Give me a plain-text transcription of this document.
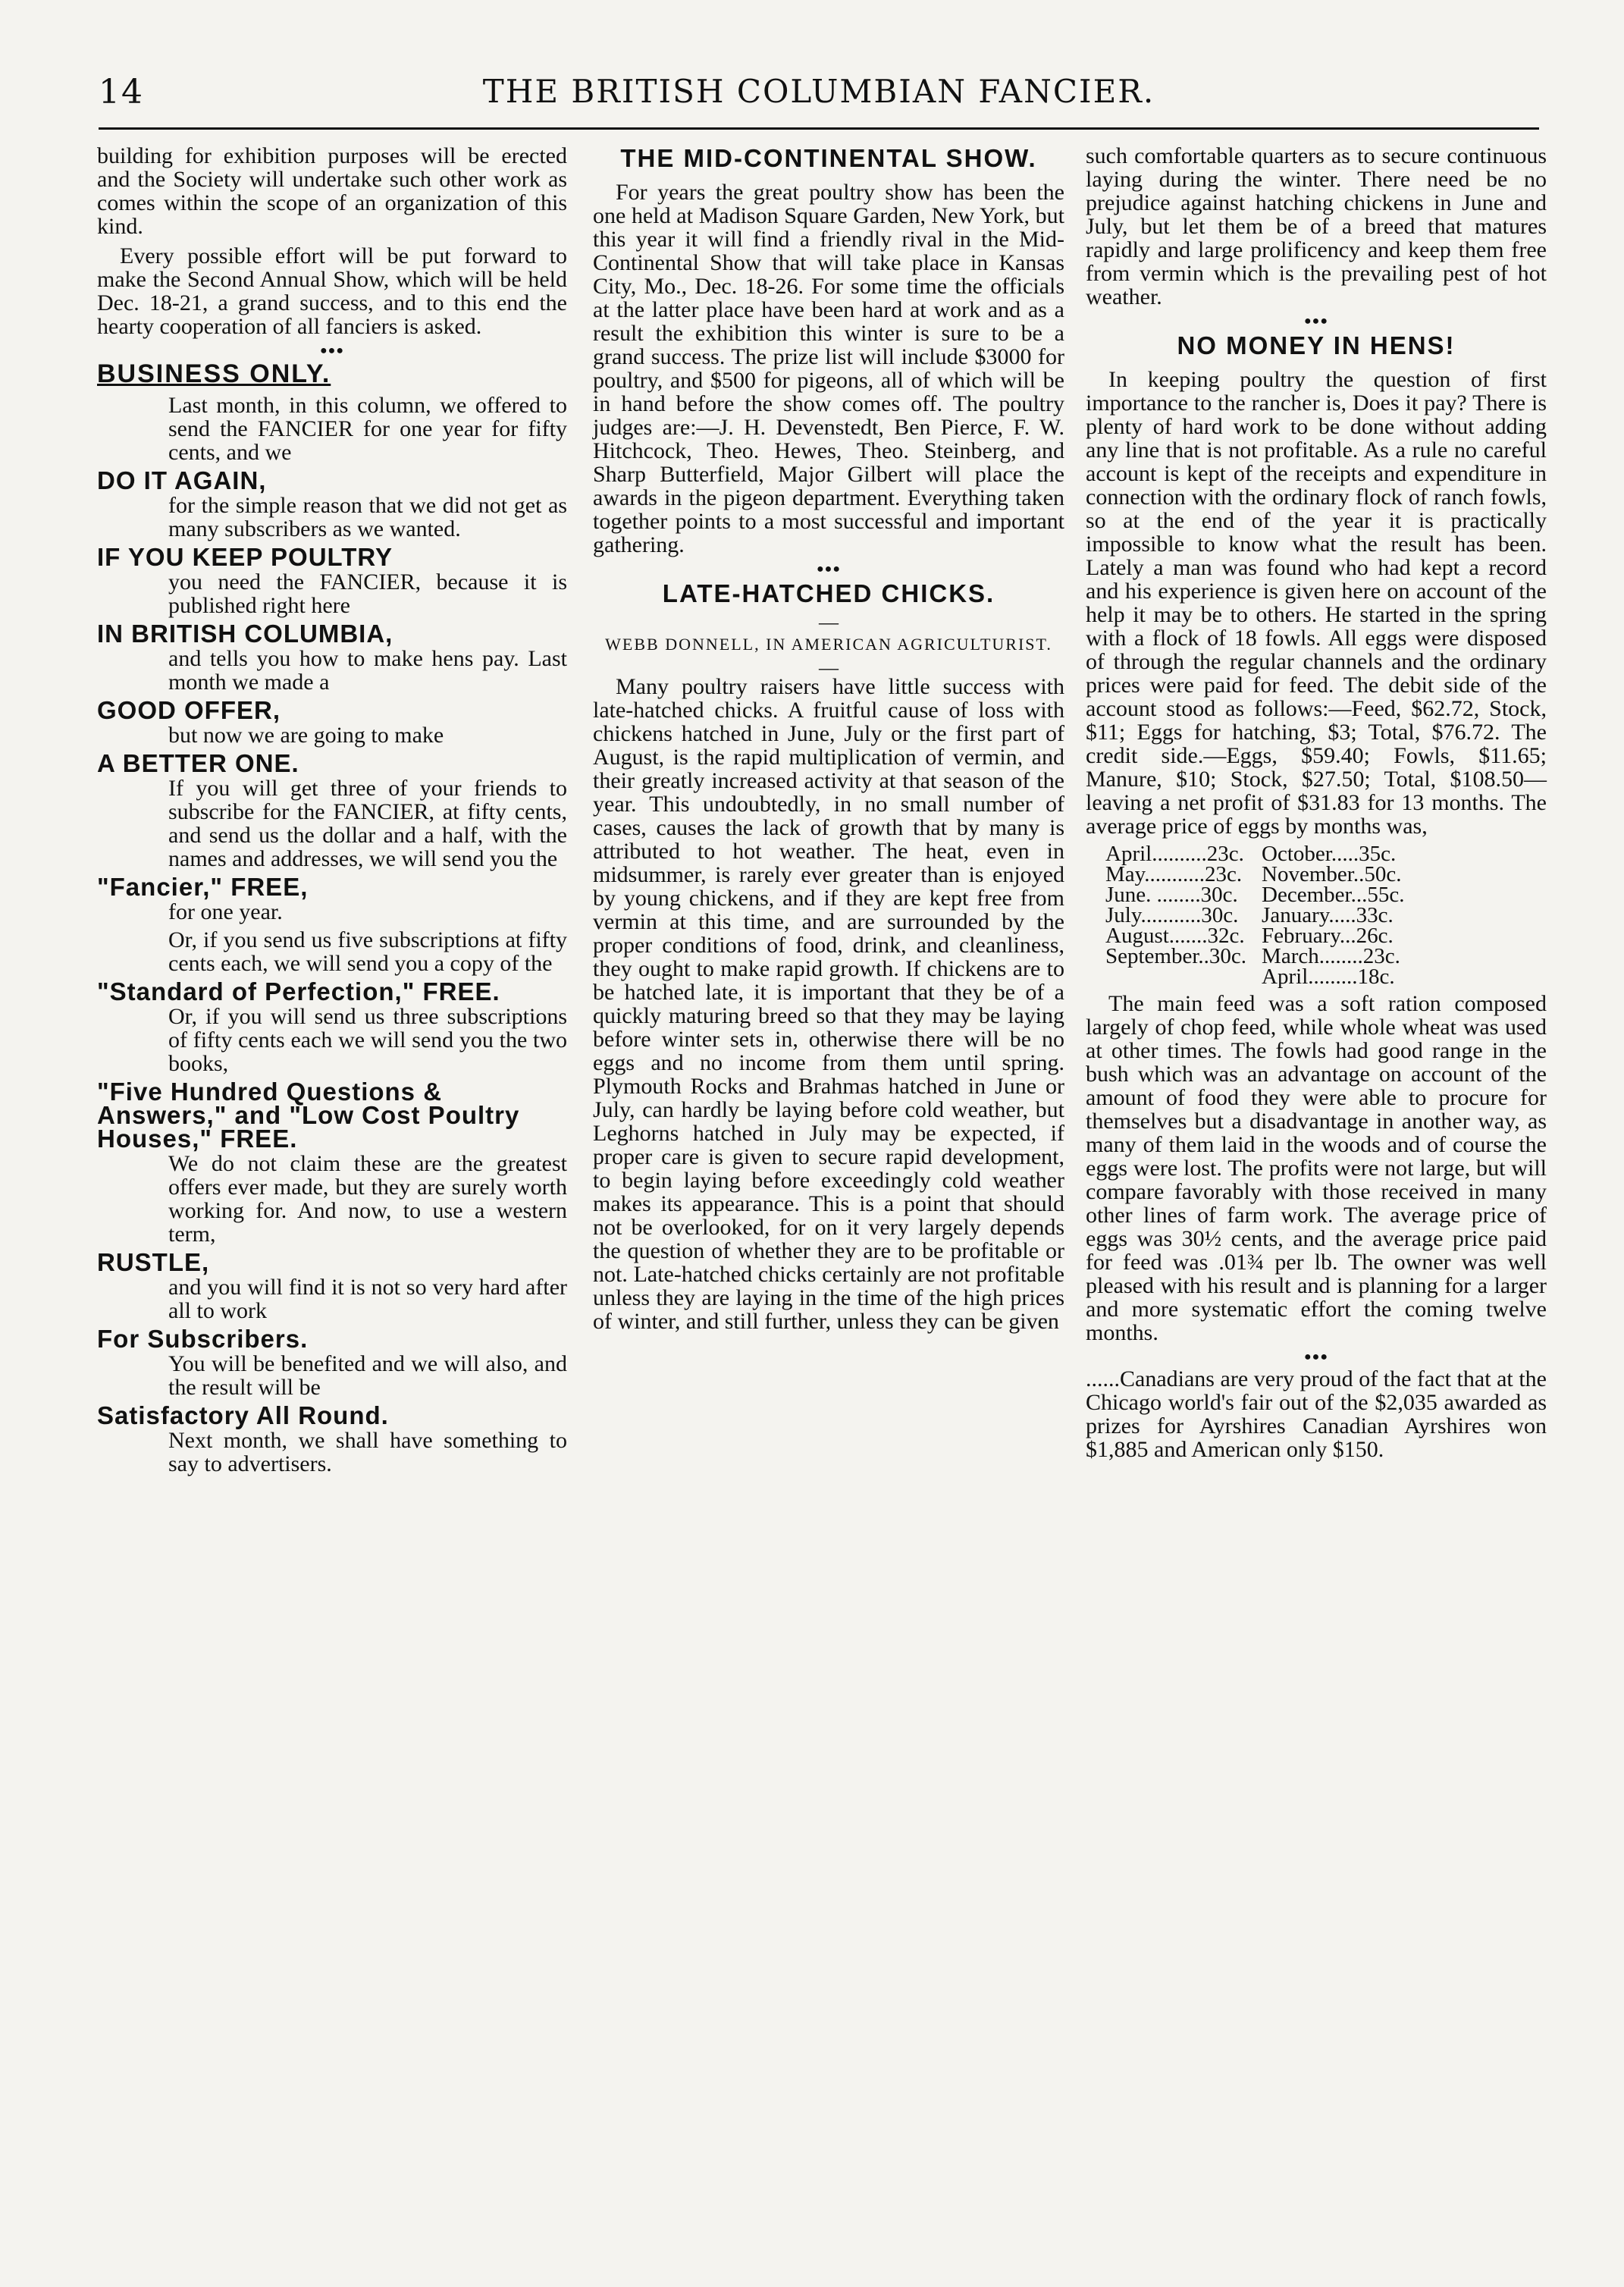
14	THE BRITISH COLUMBIAN FANCIER.

building for exhibition purposes will be erected and the Society will undertake such other work as comes within the scope of an organization of this kind.

Every possible effort will be put forward to make the Second Annual Show, which will be held Dec. 18-21, a grand success, and to this end the hearty cooperation of all fanciers is asked.

●●●
BUSINESS ONLY.

Last month, in this column, we offered to send the FANCIER for one year for fifty cents, and we

DO IT AGAIN,

for the simple reason that we did not get as many subscribers as we wanted.

IF YOU KEEP POULTRY

you need the FANCIER, because it is published right here

IN BRITISH COLUMBIA,

and tells you how to make hens pay. Last month we made a

GOOD OFFER,

but now we are going to make

A BETTER ONE.

If you will get three of your friends to subscribe for the FANCIER, at fifty cents, and send us the dollar and a half, with the names and addresses, we will send you the

"Fancier," FREE,

for one year.

Or, if you send us five subscriptions at fifty cents each, we will send you a copy of the

"Standard of Perfection," FREE.

Or, if you will send us three subscriptions of fifty cents each we will send you the two books,

"Five Hundred Questions & Answers," and "Low Cost Poultry Houses," FREE.

We do not claim these are the greatest offers ever made, but they are surely worth working for. And now, to use a western term,

RUSTLE,

and you will find it is not so very hard after all to work

For Subscribers.

You will be benefited and we will also, and the result will be

Satisfactory All Round.

Next month, we shall have something to say to advertisers.

THE MID-CONTINENTAL SHOW.

For years the great poultry show has been the one held at Madison Square Garden, New York, but this year it will find a friendly rival in the Mid-Continental Show that will take place in Kansas City, Mo., Dec. 18-26. For some time the officials at the latter place have been hard at work and as a result the exhibition this winter is sure to be a grand success. The prize list will include $3000 for poultry, and $500 for pigeons, all of which will be in hand before the show comes off. The poultry judges are:—J. H. Devenstedt, Ben Pierce, F. W. Hitchcock, Theo. Hewes, Theo. Steinberg, and Sharp Butterfield, Major Gilbert will place the awards in the pigeon department. Everything taken together points to a most successful and important gathering.

●●●
LATE-HATCHED CHICKS.
—
WEBB DONNELL, IN AMERICAN AGRICULTURIST.
—

Many poultry raisers have little success with late-hatched chicks. A fruitful cause of loss with chickens hatched in June, July or the first part of August, is the rapid multiplication of vermin, and their greatly increased activity at that season of the year. This undoubtedly, in no small number of cases, causes the lack of growth that by many is attributed to hot weather. The heat, even in midsummer, is rarely ever greater than is enjoyed by young chickens, and if they are kept free from vermin at this time, and are surrounded by the proper conditions of food, drink, and cleanliness, they ought to make rapid growth. If chickens are to be hatched late, it is important that they be of a quickly maturing breed so that they may be laying before winter sets in, otherwise there will be no eggs and no income from them until spring. Plymouth Rocks and Brahmas hatched in June or July, can hardly be laying before cold weather, but Leghorns hatched in July may be expected, if proper care is given to secure rapid development, to begin laying before exceedingly cold weather makes its appearance. This is a point that should not be overlooked, for on it very largely depends the question of whether they are to be profitable or not. Late-hatched chicks certainly are not profitable unless they are laying in the time of the high prices of winter, and still further, unless they can be given

such comfortable quarters as to secure continuous laying during the winter. There need be no prejudice against hatching chickens in June and July, but let them be of a breed that matures rapidly and large prolificency and keep them free from vermin which is the prevailing pest of hot weather.

●●●
NO MONEY IN HENS!

In keeping poultry the question of first importance to the rancher is, Does it pay? There is plenty of hard work to be done without adding any line that is not profitable. As a rule no careful account is kept of the receipts and expenditure in connection with the ordinary flock of ranch fowls, so at the end of the year it is practically impossible to know what the result has been. Lately a man was found who had kept a record and his experience is given here on account of the help it may be to others. He started in the spring with a flock of 18 fowls. All eggs were disposed of through the regular channels and the ordinary prices were paid for feed. The debit side of the account stood as follows:—Feed, $62.72, Stock, $11; Eggs for hatching, $3; Total, $76.72. The credit side.—Eggs, $59.40; Fowls, $11.65; Manure, $10; Stock, $27.50; Total, $108.50—leaving a net profit of $31.83 for 13 months. The average price of eggs by months was,

April..........23c.	October.....35c.
May...........23c.	November..50c.
June. ........30c.	December...55c.
July...........30c.	January.....33c.
August.......32c.	February...26c.
September..30c.	March........23c.
	April.........18c.

The main feed was a soft ration composed largely of chop feed, while whole wheat was used at other times. The fowls had good range in the bush which was an advantage on account of the amount of food they were able to procure for themselves but a disadvantage in another way, as many of them laid in the woods and of course the eggs were lost. The profits were not large, but will compare favorably with those received in many other lines of farm work. The average price of eggs was 30½ cents, and the average price paid for feed was .01¾ per lb. The owner was well pleased with his result and is planning for a larger and more systematic effort the coming twelve months.

●●●

......Canadians are very proud of the fact that at the Chicago world's fair out of the $2,035 awarded as prizes for Ayrshires Canadian Ayrshires won $1,885 and American only $150.
